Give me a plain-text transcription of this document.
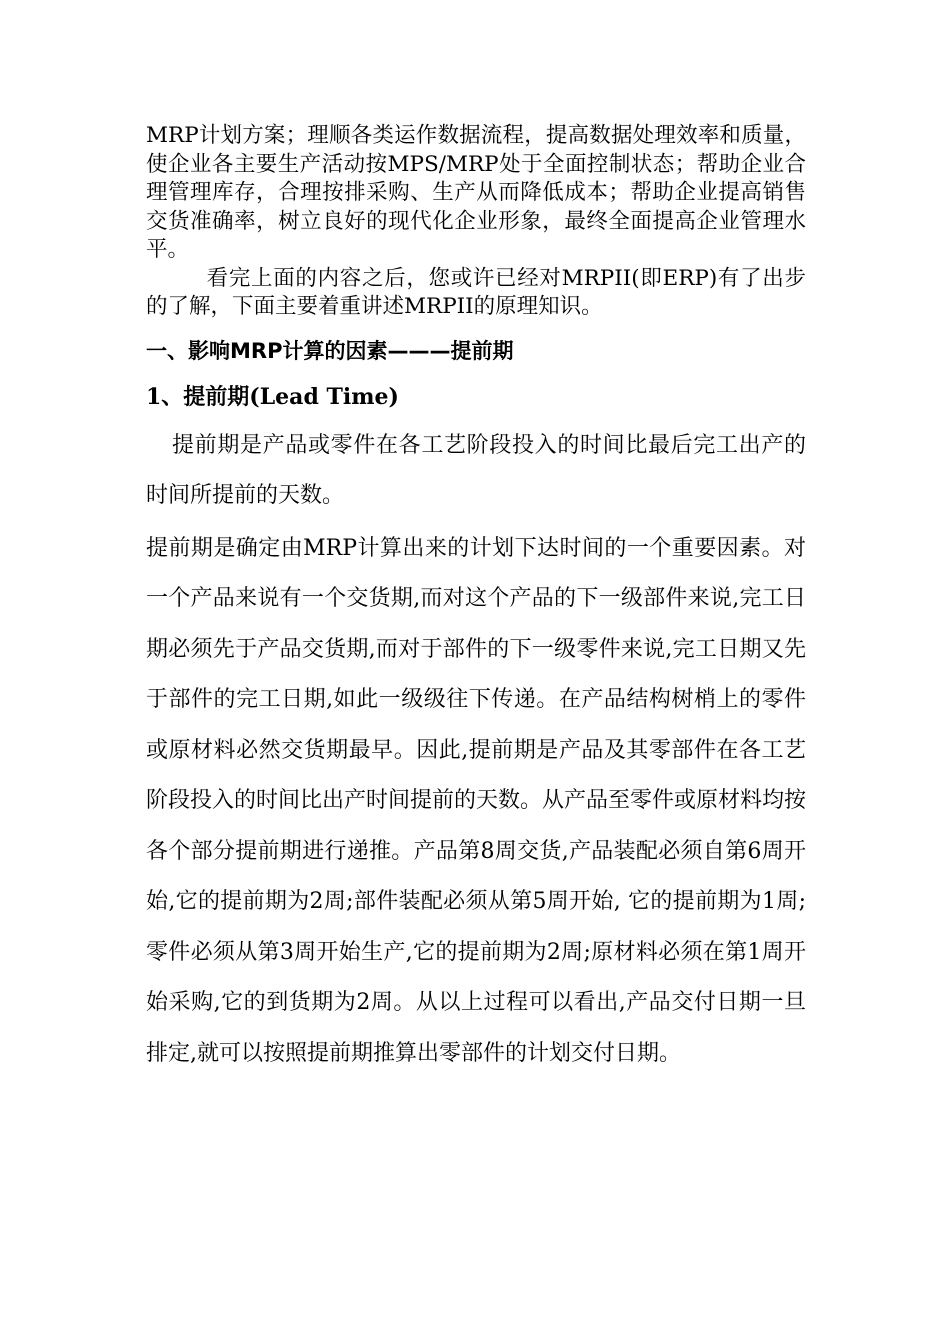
MRP计划方案；理顺各类运作数据流程，提高数据处理效率和质量，使企业各主要生产活动按MPS/MRP处于全面控制状态；帮助企业合理管理库存，合理按排采购、生产从而降低成本；帮助企业提高销售交货准确率，树立良好的现代化企业形象，最终全面提高企业管理水平。

看完上面的内容之后，您或许已经对MRPII(即ERP)有了出步的了解，下面主要着重讲述MRPII的原理知识。

一、影响MRP计算的因素———提前期
1、提前期(Lead Time)

提前期是产品或零件在各工艺阶段投入的时间比最后完工出产的时间所提前的天数。

提前期是确定由MRP计算出来的计划下达时间的一个重要因素。对一个产品来说有一个交货期,而对这个产品的下一级部件来说,完工日期必须先于产品交货期,而对于部件的下一级零件来说,完工日期又先于部件的完工日期,如此一级级往下传递。在产品结构树梢上的零件或原材料必然交货期最早。因此,提前期是产品及其零部件在各工艺阶段投入的时间比出产时间提前的天数。从产品至零件或原材料均按各个部分提前期进行递推。产品第8周交货,产品装配必须自第6周开始,它的提前期为2周;部件装配必须从第5周开始, 它的提前期为1周;零件必须从第3周开始生产,它的提前期为2周;原材料必须在第1周开始采购,它的到货期为2周。从以上过程可以看出,产品交付日期一旦排定,就可以按照提前期推算出零部件的计划交付日期。
